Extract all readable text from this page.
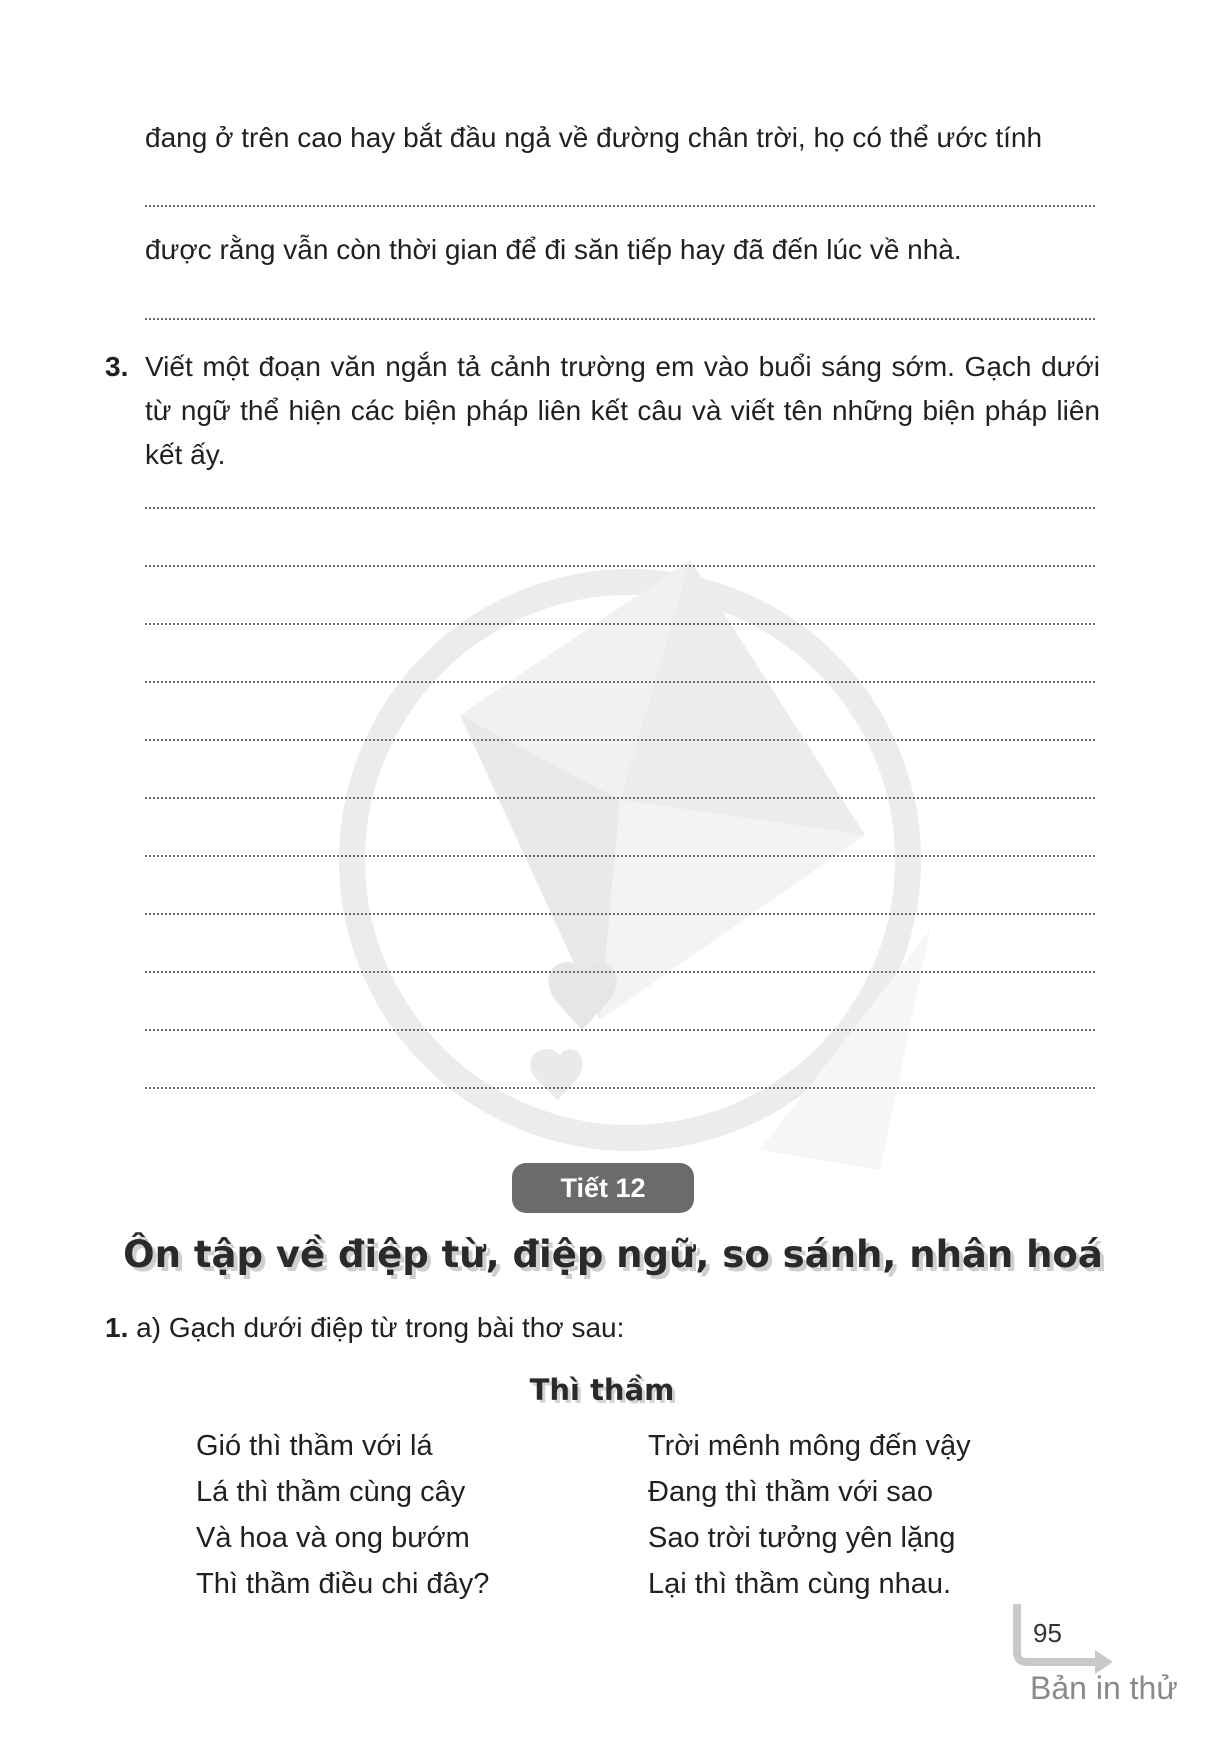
đang ở trên cao hay bắt đầu ngả về đường chân trời, họ có thể ước tính
được rằng vẫn còn thời gian để đi săn tiếp hay đã đến lúc về nhà.
3. Viết một đoạn văn ngắn tả cảnh trường em vào buổi sáng sớm. Gạch dưới từ ngữ thể hiện các biện pháp liên kết câu và viết tên những biện pháp liên kết ấy.
Tiết 12
Ôn tập về điệp từ, điệp ngữ, so sánh, nhân hoá
1. a) Gạch dưới điệp từ trong bài thơ sau:
Thì thầm
Gió thì thầm với lá
Lá thì thầm cùng cây
Và hoa và ong bướm
Thì thầm điều chi đây?
Trời mênh mông đến vậy
Đang thì thầm với sao
Sao trời tưởng yên lặng
Lại thì thầm cùng nhau.
95
Bản in thử
